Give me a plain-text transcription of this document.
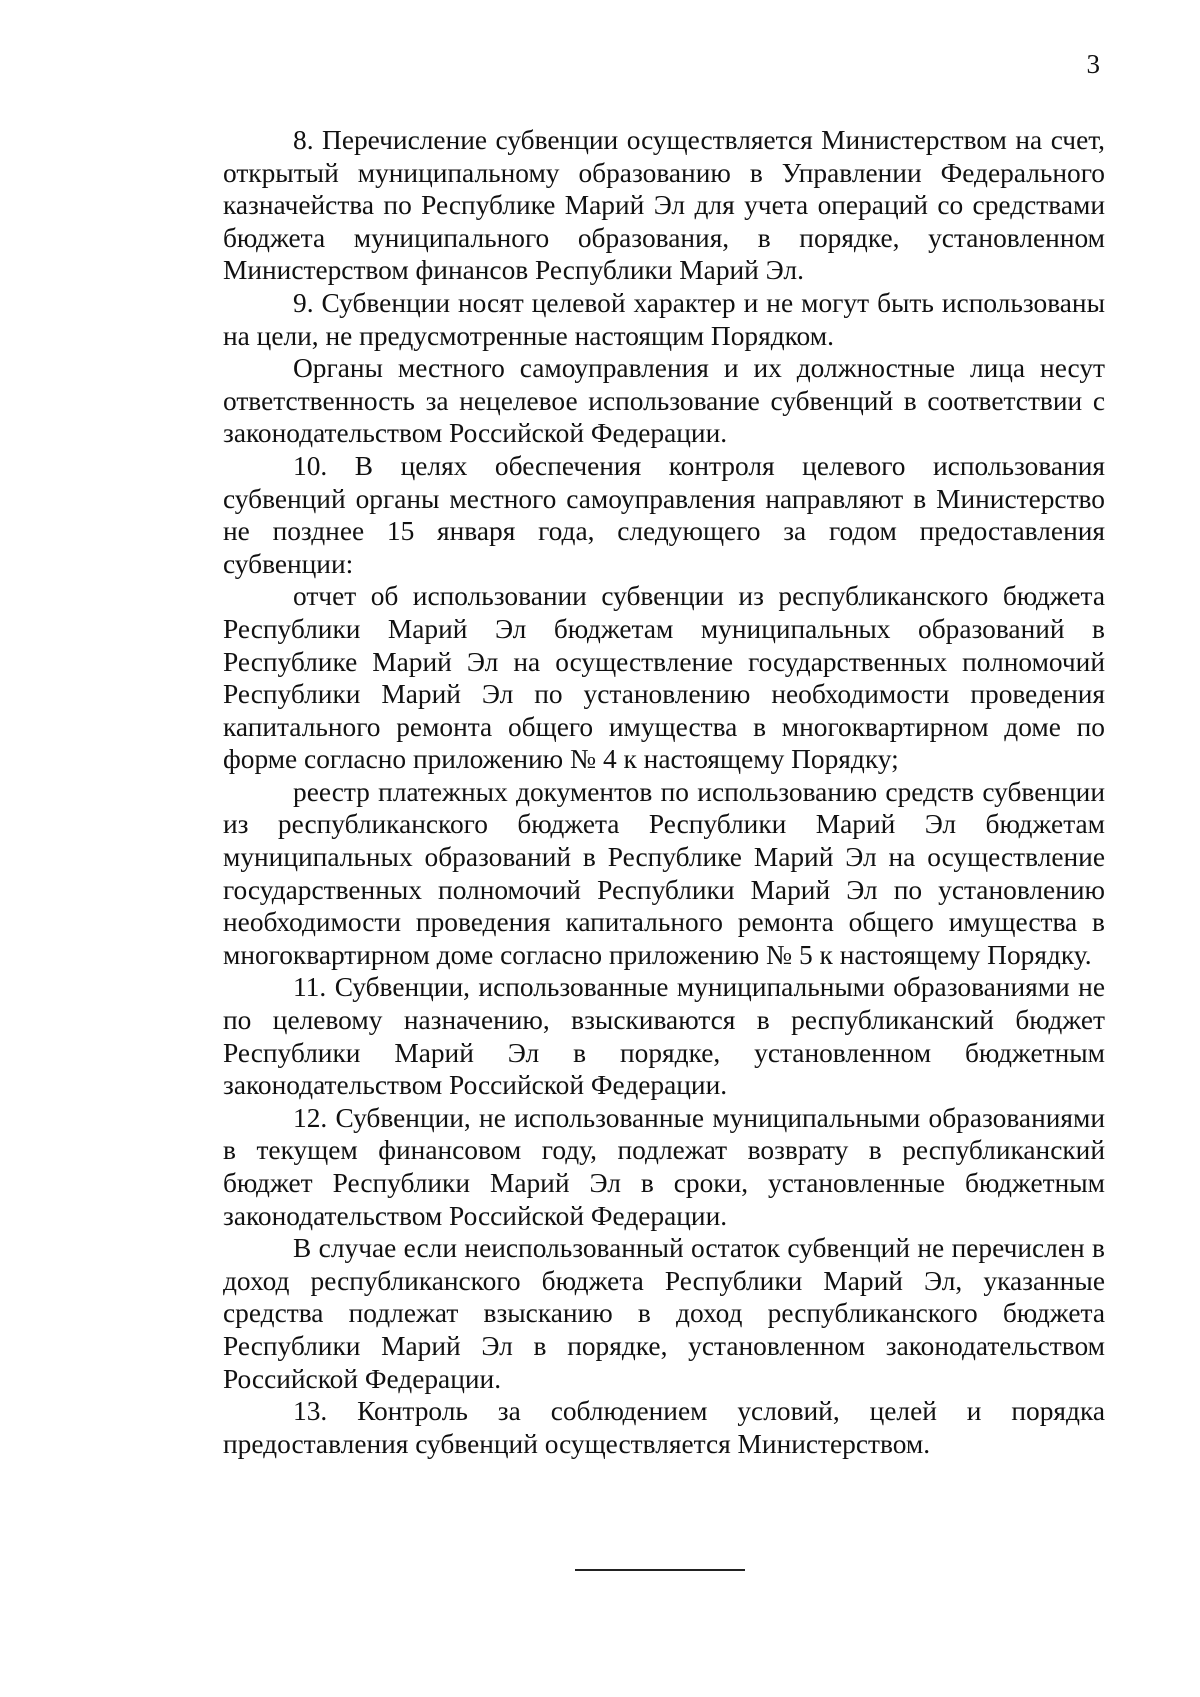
3

8. Перечисление субвенции осуществляется Министерством на счет, открытый муниципальному образованию в Управлении Федерального казначейства по Республике Марий Эл для учета операций со средствами бюджета муниципального образования, в порядке, установленном Министерством финансов Республики Марий Эл.

9. Субвенции носят целевой характер и не могут быть использованы на цели, не предусмотренные настоящим Порядком.

Органы местного самоуправления и их должностные лица несут ответственность за нецелевое использование субвенций в соответствии с законодательством Российской Федерации.

10. В целях обеспечения контроля целевого использования субвенций органы местного самоуправления направляют в Министерство не позднее 15 января года, следующего за годом предоставления субвенции:

отчет об использовании субвенции из республиканского бюджета Республики Марий Эл бюджетам муниципальных образований в Республике Марий Эл на осуществление государственных полномочий Республики Марий Эл по установлению необходимости проведения капитального ремонта общего имущества в многоквартирном доме по форме согласно приложению № 4 к настоящему Порядку;

реестр платежных документов по использованию средств субвенции из республиканского бюджета Республики Марий Эл бюджетам муниципальных образований в Республике Марий Эл на осуществление государственных полномочий Республики Марий Эл по установлению необходимости проведения капитального ремонта общего имущества в многоквартирном доме согласно приложению № 5 к настоящему Порядку.

11. Субвенции, использованные муниципальными образованиями не по целевому назначению, взыскиваются в республиканский бюджет Республики Марий Эл в порядке, установленном бюджетным законодательством Российской Федерации.

12. Субвенции, не использованные муниципальными образованиями в текущем финансовом году, подлежат возврату в республиканский бюджет Республики Марий Эл в сроки, установленные бюджетным законодательством Российской Федерации.

В случае если неиспользованный остаток субвенций не перечислен в доход республиканского бюджета Республики Марий Эл, указанные средства подлежат взысканию в доход республиканского бюджета Республики Марий Эл в порядке, установленном законодательством Российской Федерации.

13. Контроль за соблюдением условий, целей и порядка предоставления субвенций осуществляется Министерством.
